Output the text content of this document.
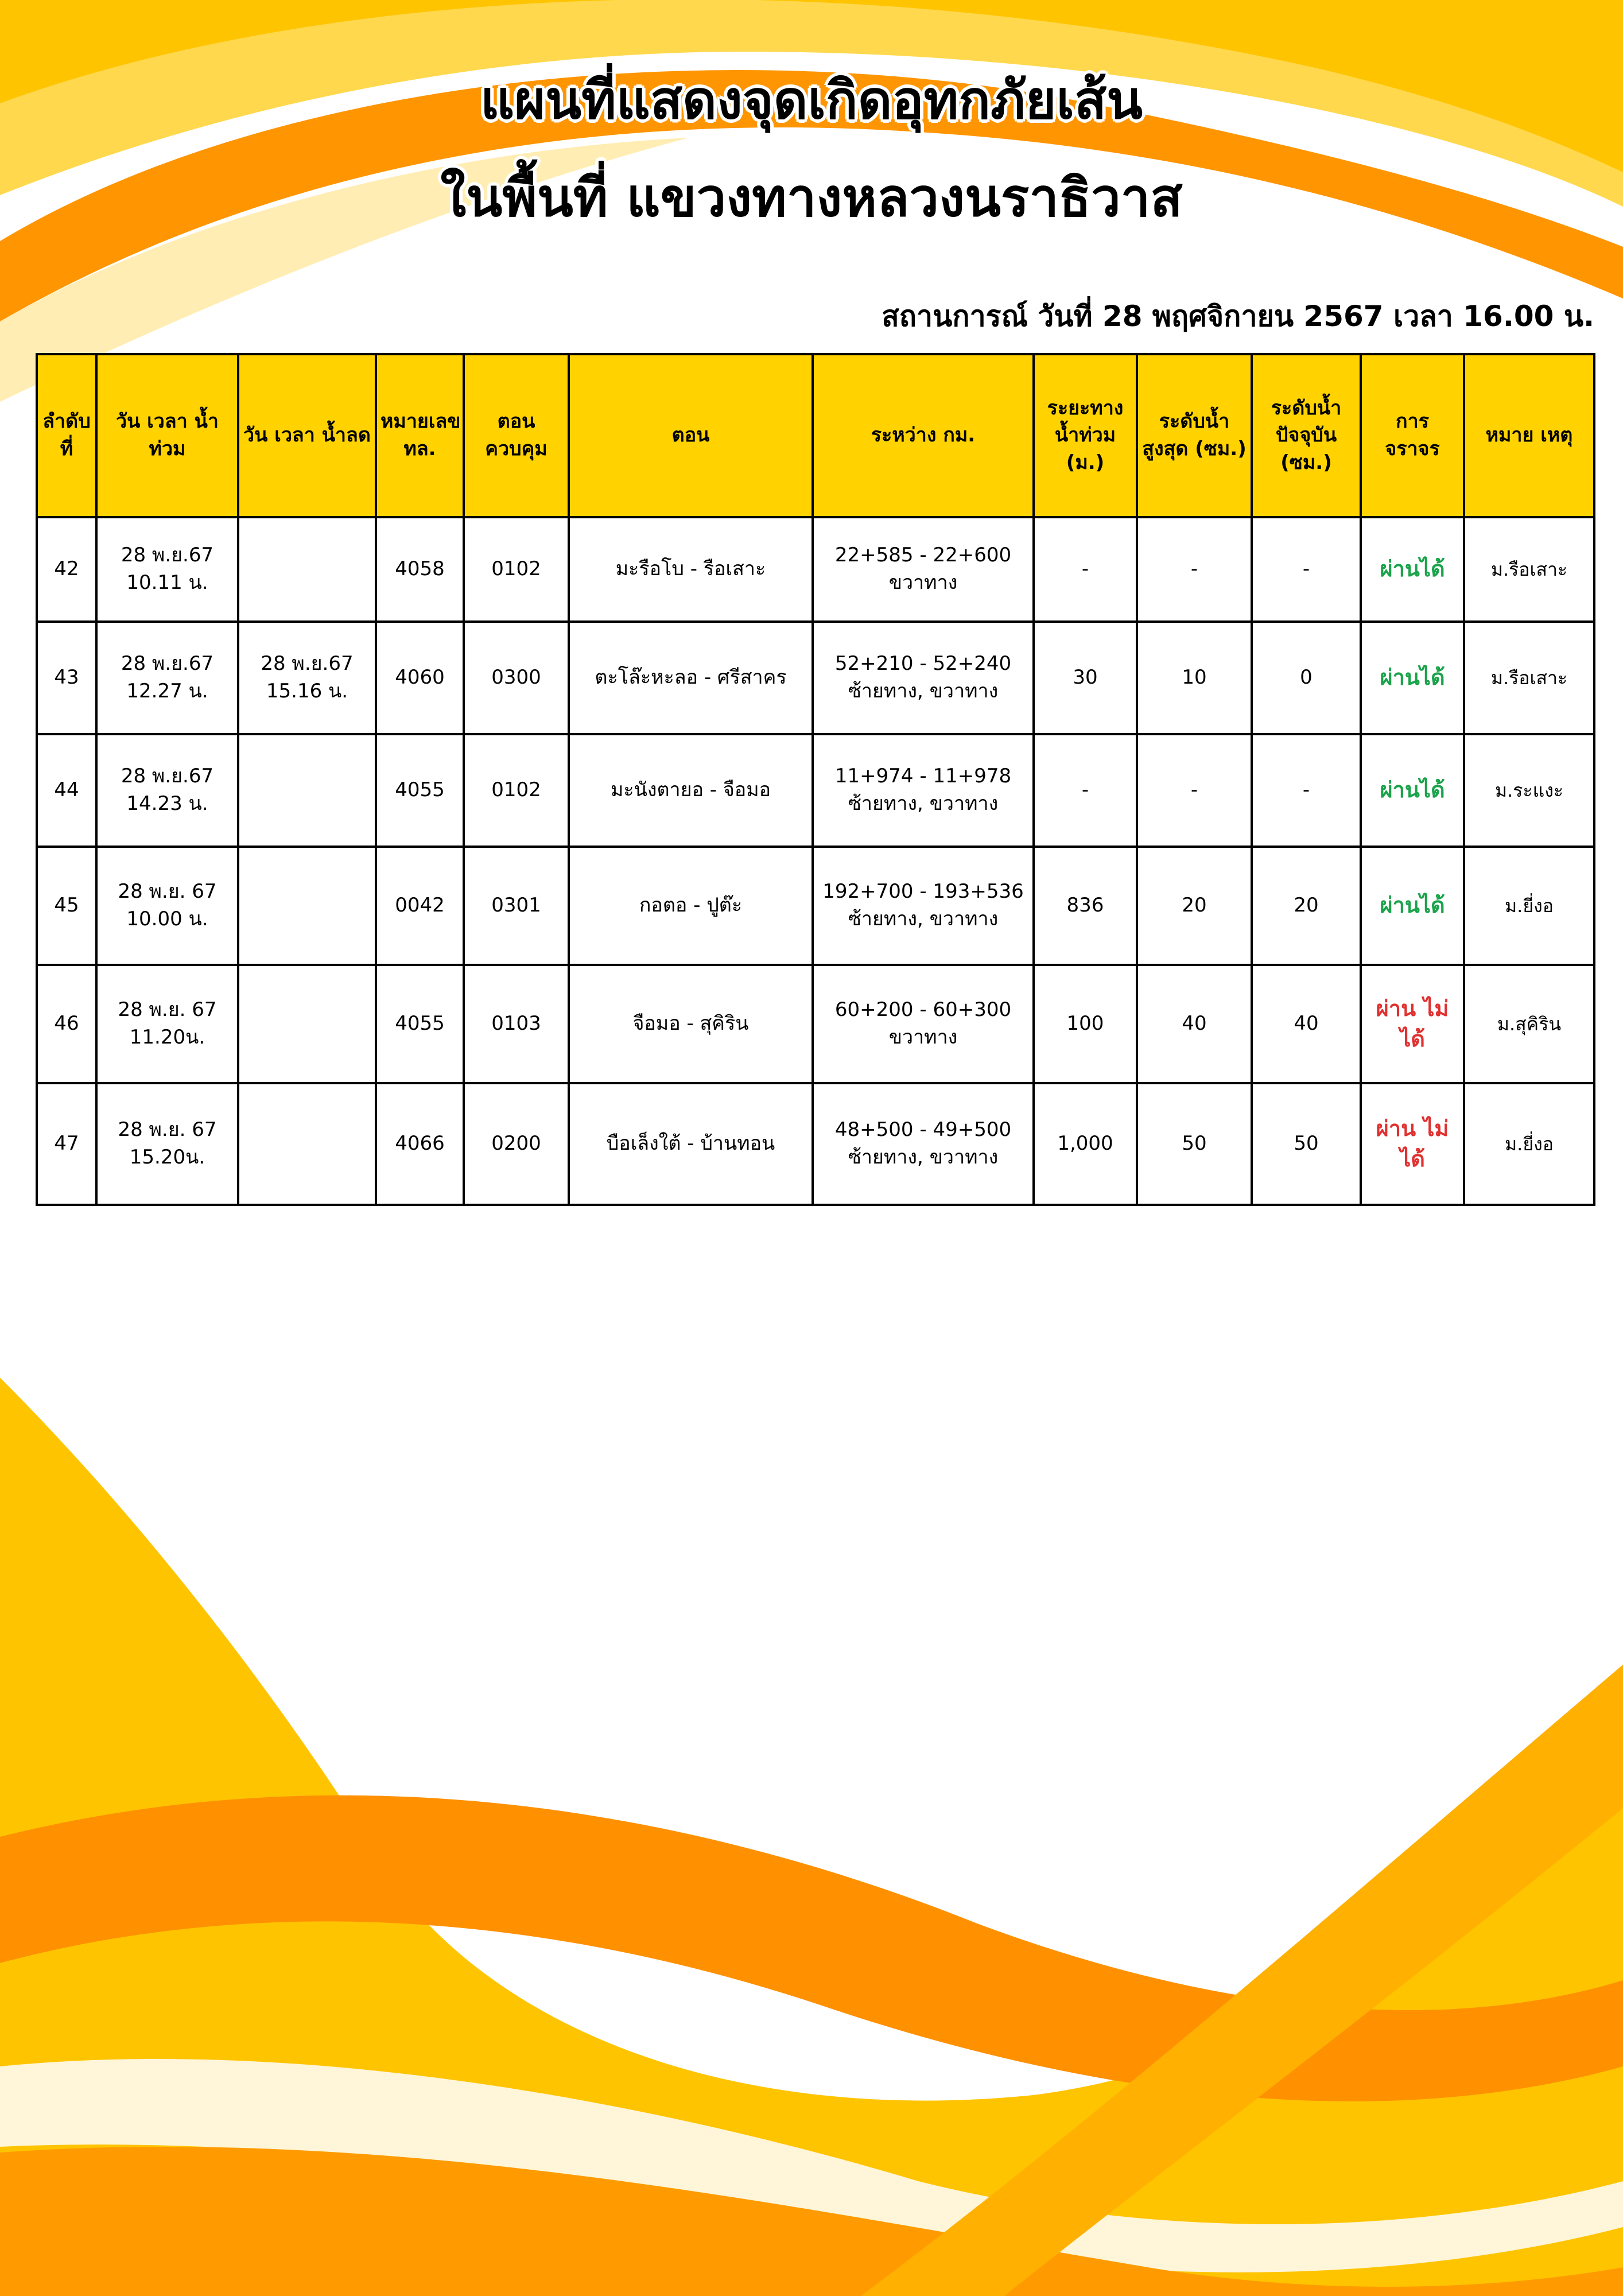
แผนที่แสดงจุดเกิดอุทกภัยเส้น
ในพื้นที่ แขวงทางหลวงนราธิวาส
สถานการณ์ วันที่ 28 พฤศจิกายน 2567 เวลา 16.00 น.
ลำดับที่	วัน เวลา น้ำท่วม	วัน เวลา น้ำลด	หมายเลข ทล.	ตอน ควบคุม	ตอน	ระหว่าง กม.	ระยะทาง น้ำท่วม (ม.)	ระดับน้ำ สูงสุด (ซม.)	ระดับน้ำ ปัจจุบัน (ซม.)	การ จราจร	หมาย เหตุ
42	28 พ.ย.67 10.11 น.		4058	0102	มะรือโบ - รือเสาะ	22+585 - 22+600 ขวาทาง	-	-	-	ผ่านได้	ม.รือเสาะ
43	28 พ.ย.67 12.27 น.	28 พ.ย.67 15.16 น.	4060	0300	ตะโล๊ะหะลอ - ศรีสาคร	52+210 - 52+240 ซ้ายทาง, ขวาทาง	30	10	0	ผ่านได้	ม.รือเสาะ
44	28 พ.ย.67 14.23 น.		4055	0102	มะนังตายอ - จือมอ	11+974 - 11+978 ซ้ายทาง, ขวาทาง	-	-	-	ผ่านได้	ม.ระแงะ
45	28 พ.ย. 67 10.00 น.		0042	0301	กอตอ - ปูต๊ะ	192+700 - 193+536 ซ้ายทาง, ขวาทาง	836	20	20	ผ่านได้	ม.ยี่งอ
46	28 พ.ย. 67 11.20น.		4055	0103	จือมอ - สุคิริน	60+200 - 60+300 ขวาทาง	100	40	40	ผ่าน ไม่ได้	ม.สุคิริน
47	28 พ.ย. 67 15.20น.		4066	0200	บือเล็งใต้ - บ้านทอน	48+500 - 49+500 ซ้ายทาง, ขวาทาง	1,000	50	50	ผ่าน ไม่ได้	ม.ยี่งอ
